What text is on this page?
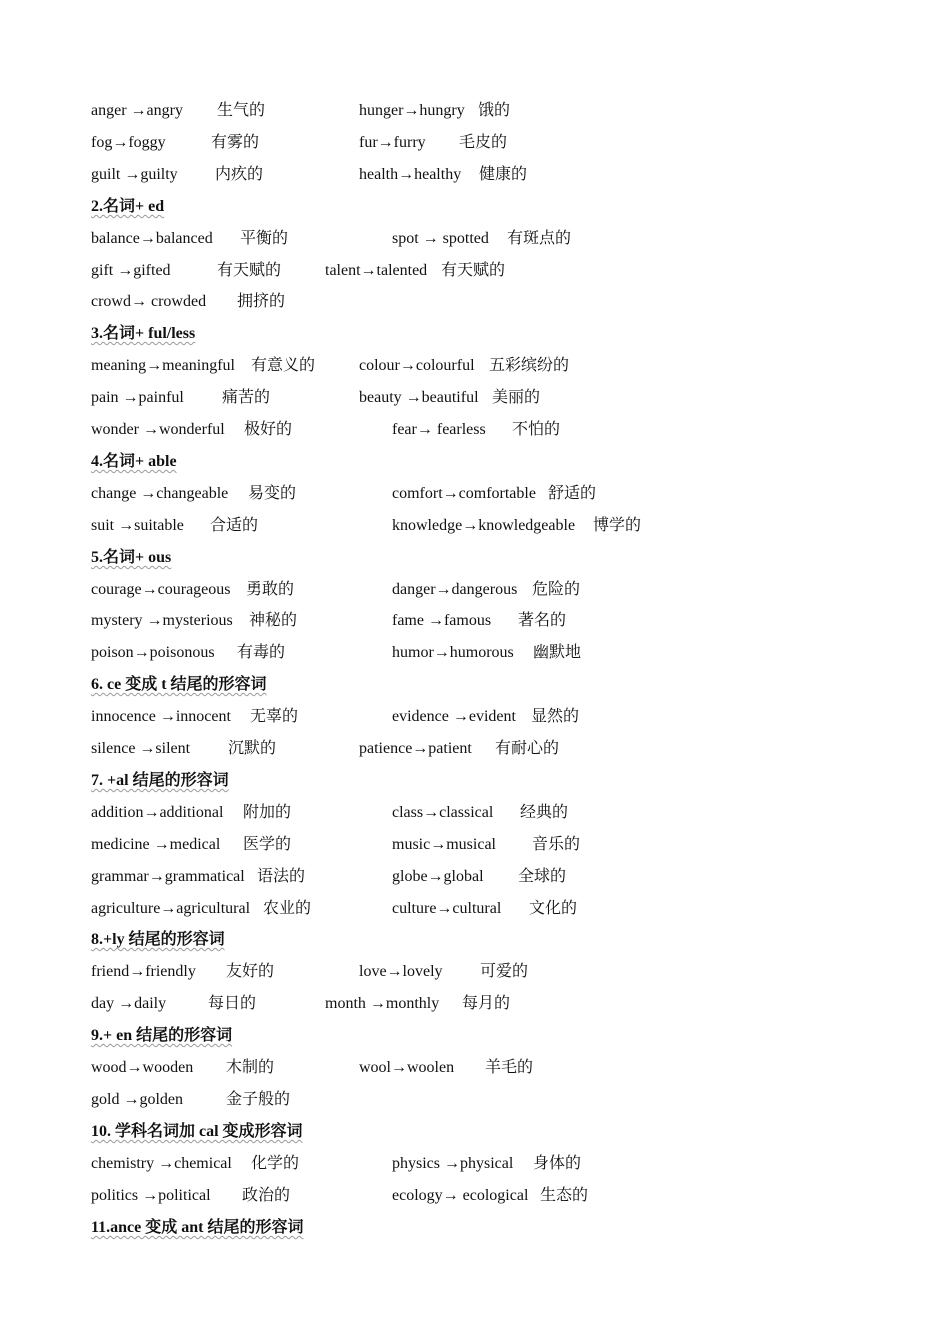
anger →angry 生气的	hunger→hungry 饿的
fog→foggy	有雾的	fur→furry 毛皮的
guilt →guilty 内疚的	health→healthy 健康的
2.名词+ ed
balance→balanced 平衡的	spot → spotted 有斑点的
gift →gifted	有天赋的	talent→talented 有天赋的
crowd→ crowded 拥挤的
3.名词+ ful/less
meaning→meaningful 有意义的	colour→colourful 五彩缤纷的
pain →painful 痛苦的	beauty →beautiful 美丽的
wonder →wonderful 极好的	fear→ fearless 不怕的
4.名词+ able
change →changeable 易变的	comfort→comfortable 舒适的
suit →suitable 合适的	knowledge→knowledgeable 博学的
5.名词+ ous
courage→courageous 勇敢的	danger→dangerous 危险的
mystery →mysterious 神秘的	fame →famous 著名的
poison→poisonous 有毒的	humor→humorous 幽默地
6. ce 变成 t 结尾的形容词
innocence →innocent 无辜的	evidence →evident 显然的
silence →silent 沉默的	patience→patient 有耐心的
7. +al 结尾的形容词
addition→additional 附加的	class→classical 经典的
medicine →medical 医学的	music→musical 音乐的
grammar→grammatical 语法的	globe→global 全球的
agriculture→agricultural 农业的	culture→cultural 文化的
8.+ly 结尾的形容词
friend→friendly 友好的	love→lovely 可爱的
day →daily	每日的	month →monthly 每月的
9.+ en 结尾的形容词
wood→wooden 木制的	wool→woolen 羊毛的
gold →golden	金子般的
10. 学科名词加 cal 变成形容词
chemistry →chemical 化学的	physics →physical 身体的
politics →political 政治的	ecology→ ecological 生态的
11.ance 变成 ant 结尾的形容词
